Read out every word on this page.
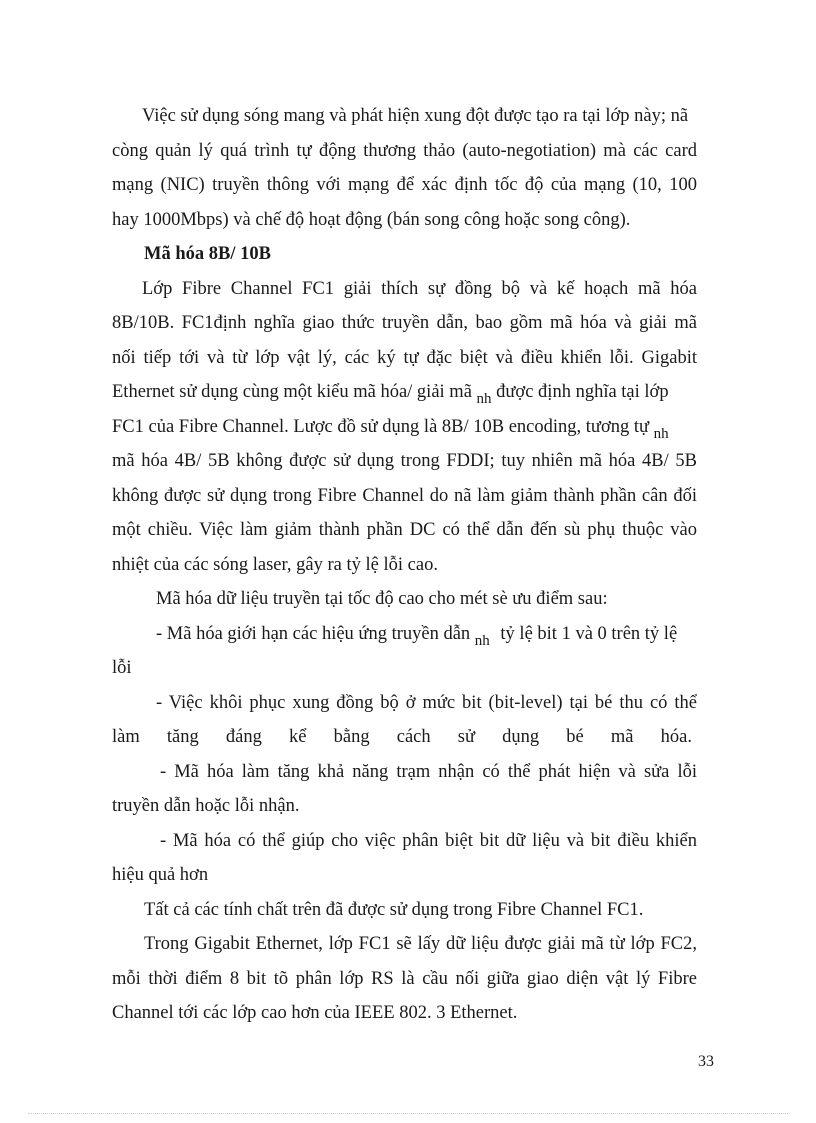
Việc sử dụng sóng mang và phát hiện xung đột được tạo ra tại lớp này; nã
còng quản lý quá trình tự động thương thảo (auto-negotiation) mà các card
mạng (NIC) truyền thông với mạng để xác định tốc độ của mạng (10, 100
hay 1000Mbps) và chế độ hoạt động (bán song công hoặc song công).
Mã hóa 8B/ 10B
Lớp Fibre Channel FC1 giải thích sự đồng bộ và kế hoạch mã hóa
8B/10B. FC1định nghĩa giao thức truyền dẫn, bao gồm mã hóa và giải mã
nối tiếp tới và từ lớp vật lý, các ký tự đặc biệt và điều khiển lỗi. Gigabit
Ethernet sử dụng cùng một kiểu mã hóa/ giải mã $_{nh}$ được định nghĩa tại lớp
FC1 của Fibre Channel. Lược đồ sử dụng là 8B/ 10B encoding, tương tự $_{nh}$
mã hóa 4B/ 5B không được sử dụng trong FDDI; tuy nhiên mã hóa 4B/ 5B
không được sử dụng trong Fibre Channel do nã làm giảm thành phần cân đối
một chiều. Việc làm giảm thành phần DC có thể dẫn đến sù phụ thuộc vào
nhiệt của các sóng laser, gây ra tỷ lệ lỗi cao.
Mã hóa dữ liệu truyền tại tốc độ cao cho mét sè ưu điểm sau:
- Mã hóa giới hạn các hiệu ứng truyền dẫn $_{nh}$ tỷ lệ bit 1 và 0 trên tỷ lệ
lỗi
- Việc khôi phục xung đồng bộ ở mức bit (bit-level) tại bé thu có thể
làm tăng đáng kể bằng cách sử dụng bé mã hóa.
- Mã hóa làm tăng khả năng trạm nhận có thể phát hiện và sửa lỗi
truyền dẫn hoặc lỗi nhận.
- Mã hóa có thể giúp cho việc phân biệt bit dữ liệu và bit điều khiển
hiệu quả hơn
Tất cả các tính chất trên đã được sử dụng trong Fibre Channel FC1.
Trong Gigabit Ethernet, lớp FC1 sẽ lấy dữ liệu được giải mã từ lớp FC2,
mỗi thời điểm 8 bit tõ phân lớp RS là cầu nối giữa giao diện vật lý Fibre
Channel tới các lớp cao hơn của IEEE 802. 3 Ethernet.
33
